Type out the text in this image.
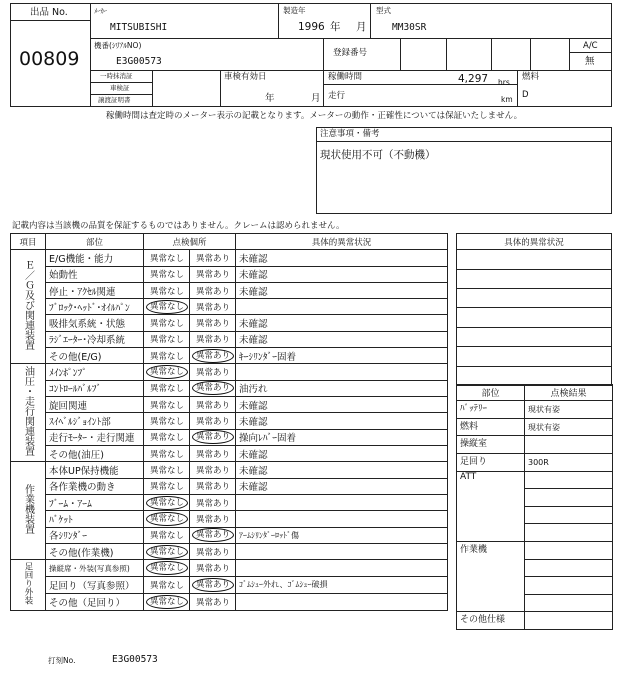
出品 No.
00809
ﾒｰｶｰ
MITSUBISHI
製造年
1996 年 月
型式
MM30SR
機番(ｼﾘｱﾙNO)
E3G00573
登録番号
A/C
無
一時抹消証
車検証
譲渡証明書
車検有効日
年	月
稼働時間	4,297 hrs
走行	km
燃料
D
稼働時間は査定時のメーター表示の記載となります。メーターの動作・正確性については保証いたしません。
注意事項・備考
現状使用不可（不動機）
記載内容は当該機の品質を保証するものではありません。クレームは認められません。
項目	部位	点検個所		具体的異常状況
Ｅ／Ｇ及び関連装置	E/G機能・能力	異常なし	異常あり	未確認
	始動性	異常なし	異常あり	未確認
	停止・ｱｸｾﾙ関連	異常なし	異常あり	未確認
	ﾌﾞﾛｯｸ･ﾍｯﾄﾞ･ｵｲﾙﾊﾟﾝ	異常なし	異常あり	
	吸排気系統・状態	異常なし	異常あり	未確認
	ﾗｼﾞｴｰﾀｰ･冷却系統	異常なし	異常あり	未確認
	その他(E/G)	異常なし	異常あり	ｷｰｼﾘﾝﾀﾞｰ固着
油圧・走行関連装置	ﾒｲﾝﾎﾟﾝﾌﾟ	異常なし	異常あり	
	ｺﾝﾄﾛｰﾙﾊﾞﾙﾌﾞ	異常なし	異常あり	油汚れ
	旋回関連	異常なし	異常あり	未確認
	ｽｲﾍﾞﾙｼﾞｮｲﾝﾄ部	異常なし	異常あり	未確認
	走行ﾓｰﾀｰ・走行関連	異常なし	異常あり	操向ﾚﾊﾞｰ固着
	その他(油圧)	異常なし	異常あり	未確認
作業機装置	本体UP保持機能	異常なし	異常あり	未確認
	各作業機の動き	異常なし	異常あり	未確認
	ﾌﾞｰﾑ・ｱｰﾑ	異常なし	異常あり	
	ﾊﾞｹｯﾄ	異常なし	異常あり	
	各ｼﾘﾝﾀﾞｰ	異常なし	異常あり	ｱｰﾑｼﾘﾝﾀﾞｰﾛｯﾄﾞ傷
	その他(作業機)	異常なし	異常あり	
足回り外装	操縦席・外装(写真参照)	異常なし	異常あり	
	足回り（写真参照）	異常なし	異常あり	ｺﾞﾑｼｭｰ外れ、ｺﾞﾑｼｭｰ破損
	その他（足回り）	異常なし	異常あり	
具体的異常状況

部位	点検結果
ﾊﾞｯﾃﾘｰ	現状有姿
燃料	現状有姿
操縦室	
足回り	300R
ATT	

作業機	

その他仕様	
打刻No.	E3G00573
